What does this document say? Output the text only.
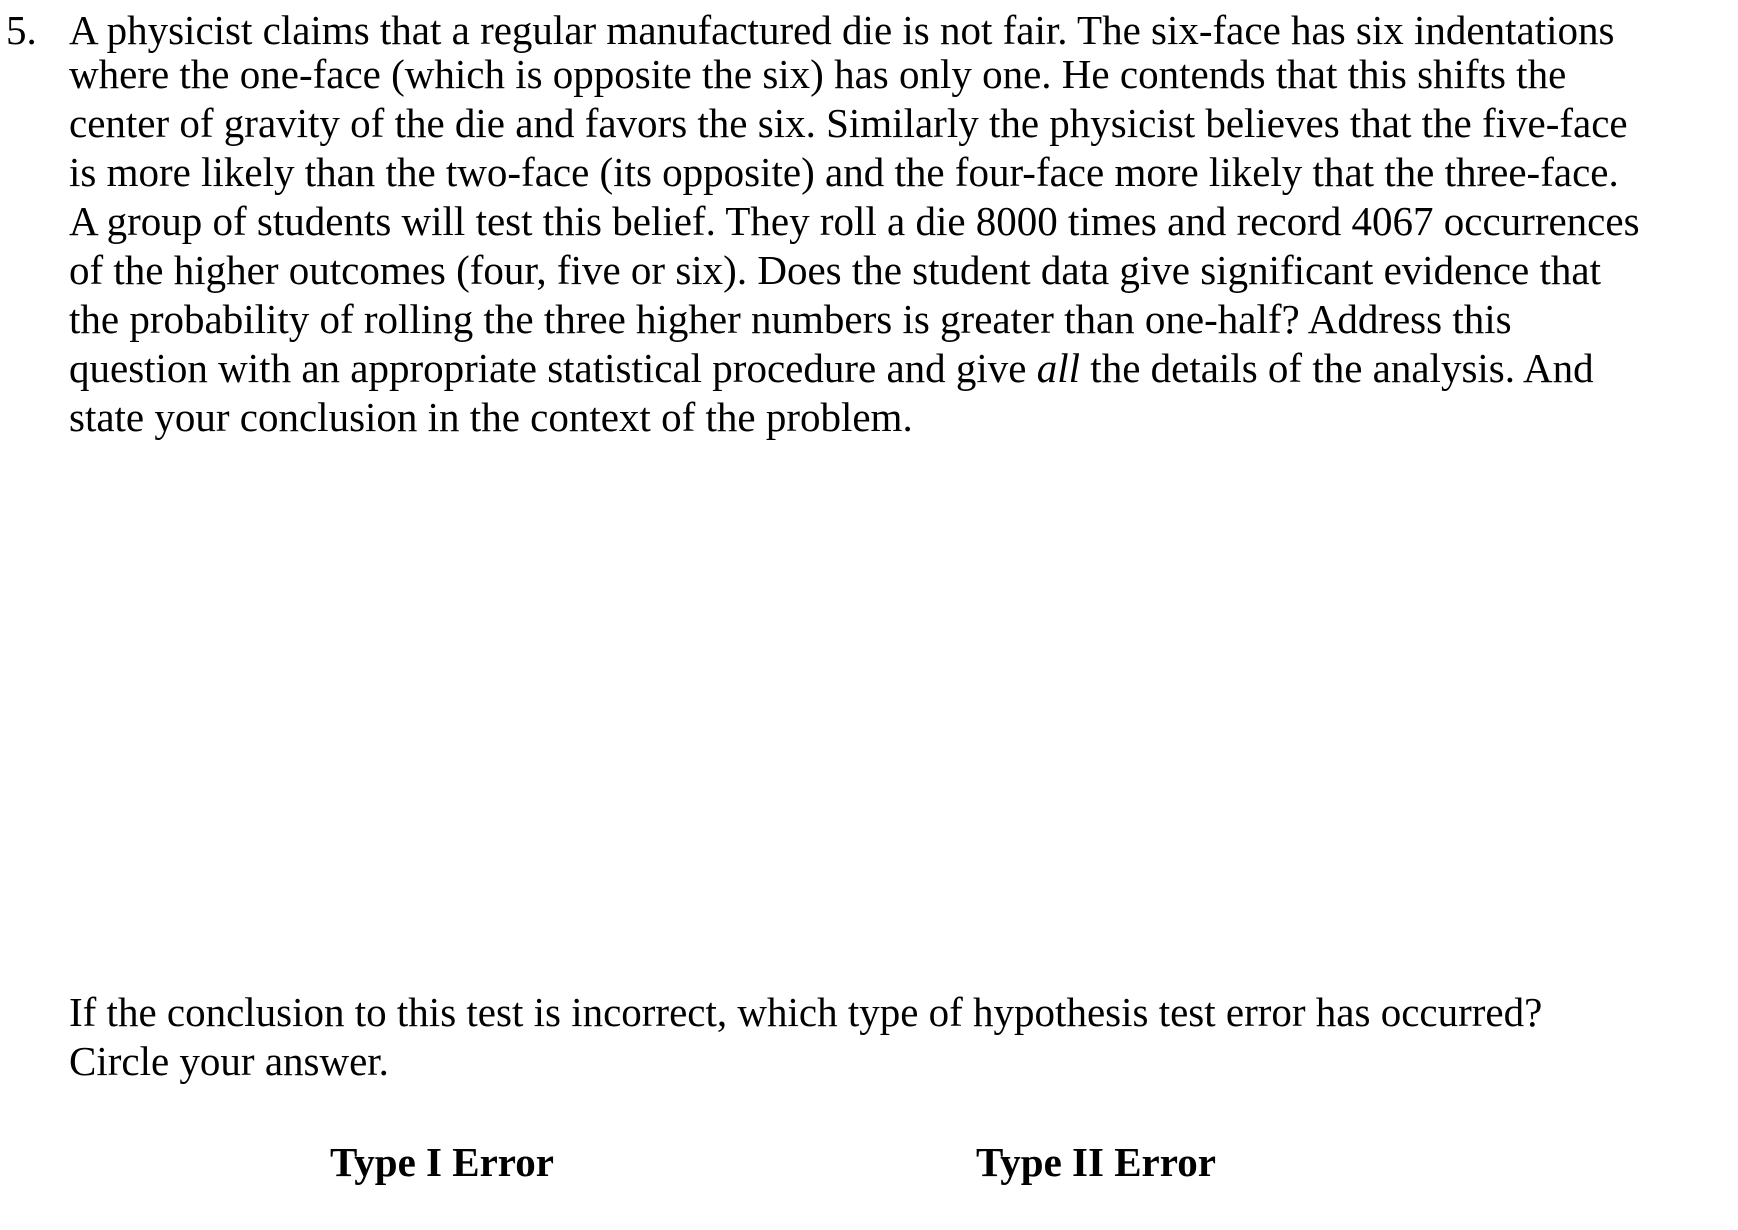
5. A physicist claims that a regular manufactured die is not fair. The six-face has six indentations
where the one-face (which is opposite the six) has only one. He contends that this shifts the
center of gravity of the die and favors the six. Similarly the physicist believes that the five-face
is more likely than the two-face (its opposite) and the four-face more likely that the three-face.
A group of students will test this belief. They roll a die 8000 times and record 4067 occurrences
of the higher outcomes (four, five or six). Does the student data give significant evidence that
the probability of rolling the three higher numbers is greater than one-half? Address this
question with an appropriate statistical procedure and give all the details of the analysis. And
state your conclusion in the context of the problem.
If the conclusion to this test is incorrect, which type of hypothesis test error has occurred?
Circle your answer.
Type I Error	Type II Error
